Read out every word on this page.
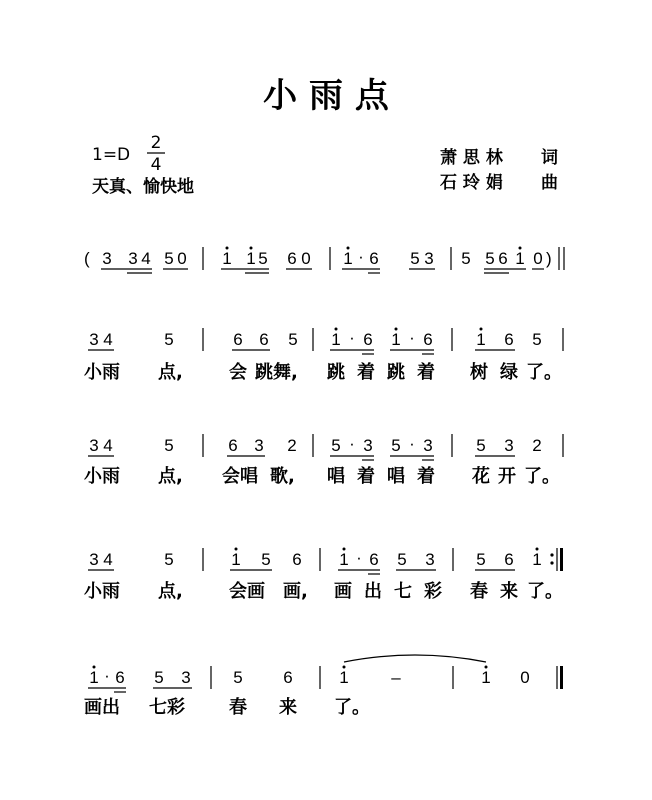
小 雨 点
1=D
2
4
天真、愉快地
萧 思 林 词
石 玲 娟 曲
( 3 3 4 5 0 1 1 5 6 0 1 · 6 5 3 5 5 6 1 0 )
3 4	5	6 6 5 1 · 6 1 · 6	1 6 5
小雨 点,	会 跳舞, 跳 着 跳 着 树 绿 了。
3 4	5	6 3 2 5 · 3 5 · 3	5 3 2
小雨 点, 会唱 歌, 唱 着 唱 着 花 开 了。
3 4	5	1 5 6 1 · 6 5 3 5 6 1
小雨 点,	会画 画, 画 出 七 彩 春 来 了。
1 · 6 5 3	5 6	1	–	1 0
画出 七彩 春 来 了。
